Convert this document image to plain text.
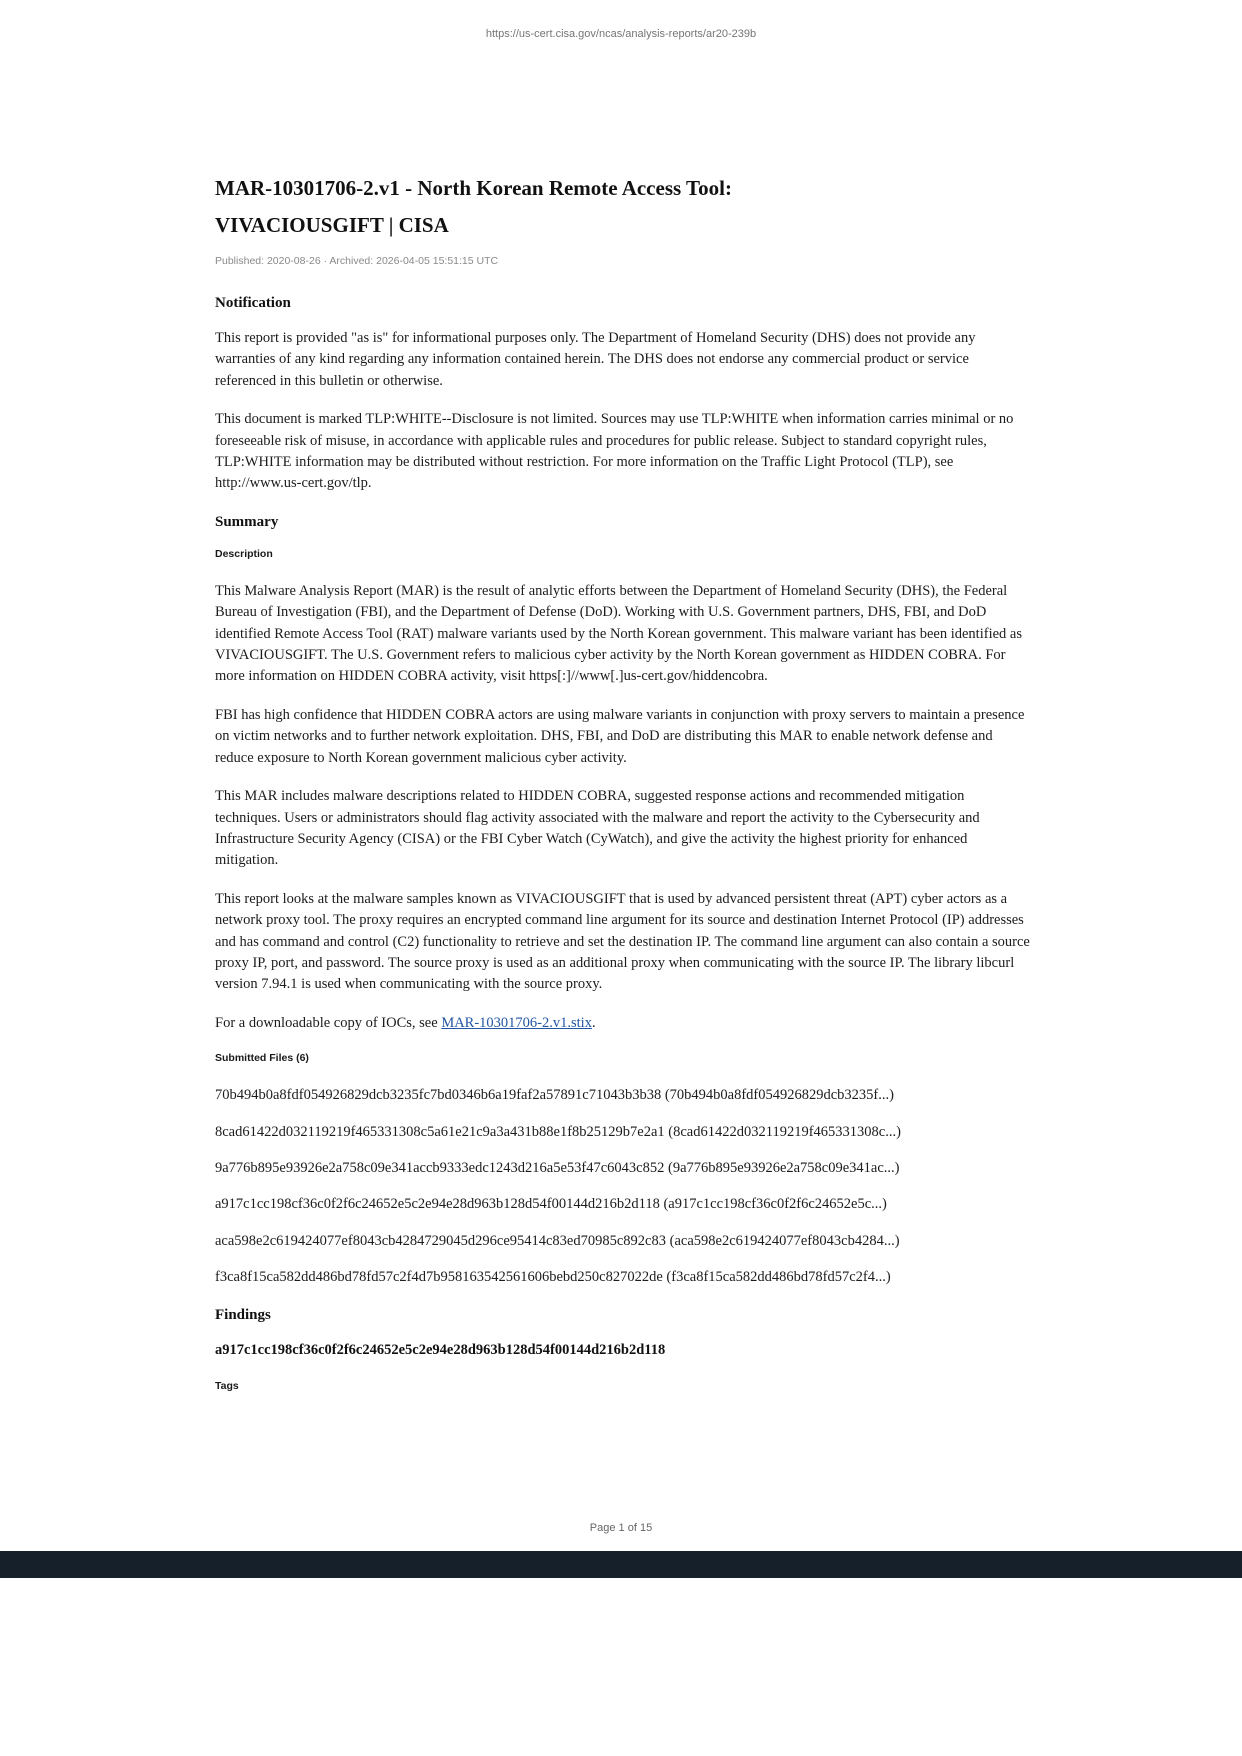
https://us-cert.cisa.gov/ncas/analysis-reports/ar20-239b
MAR-10301706-2.v1 - North Korean Remote Access Tool: VIVACIOUSGIFT | CISA
Published: 2020-08-26 · Archived: 2026-04-05 15:51:15 UTC
Notification

This report is provided "as is" for informational purposes only. The Department of Homeland Security (DHS) does not provide any warranties of any kind regarding any information contained herein. The DHS does not endorse any commercial product or service referenced in this bulletin or otherwise.

This document is marked TLP:WHITE--Disclosure is not limited. Sources may use TLP:WHITE when information carries minimal or no foreseeable risk of misuse, in accordance with applicable rules and procedures for public release. Subject to standard copyright rules, TLP:WHITE information may be distributed without restriction. For more information on the Traffic Light Protocol (TLP), see http://www.us-cert.gov/tlp.

Summary
Description

This Malware Analysis Report (MAR) is the result of analytic efforts between the Department of Homeland Security (DHS), the Federal Bureau of Investigation (FBI), and the Department of Defense (DoD). Working with U.S. Government partners, DHS, FBI, and DoD identified Remote Access Tool (RAT) malware variants used by the North Korean government. This malware variant has been identified as VIVACIOUSGIFT. The U.S. Government refers to malicious cyber activity by the North Korean government as HIDDEN COBRA. For more information on HIDDEN COBRA activity, visit https[:]//www[.]us-cert.gov/hiddencobra.

FBI has high confidence that HIDDEN COBRA actors are using malware variants in conjunction with proxy servers to maintain a presence on victim networks and to further network exploitation. DHS, FBI, and DoD are distributing this MAR to enable network defense and reduce exposure to North Korean government malicious cyber activity.

This MAR includes malware descriptions related to HIDDEN COBRA, suggested response actions and recommended mitigation techniques. Users or administrators should flag activity associated with the malware and report the activity to the Cybersecurity and Infrastructure Security Agency (CISA) or the FBI Cyber Watch (CyWatch), and give the activity the highest priority for enhanced mitigation.

This report looks at the malware samples known as VIVACIOUSGIFT that is used by advanced persistent threat (APT) cyber actors as a network proxy tool. The proxy requires an encrypted command line argument for its source and destination Internet Protocol (IP) addresses and has command and control (C2) functionality to retrieve and set the destination IP. The command line argument can also contain a source proxy IP, port, and password. The source proxy is used as an additional proxy when communicating with the source IP. The library libcurl version 7.94.1 is used when communicating with the source proxy.

For a downloadable copy of IOCs, see MAR-10301706-2.v1.stix.

Submitted Files (6)

70b494b0a8fdf054926829dcb3235fc7bd0346b6a19faf2a57891c71043b3b38 (70b494b0a8fdf054926829dcb3235f...)

8cad61422d032119219f465331308c5a61e21c9a3a431b88e1f8b25129b7e2a1 (8cad61422d032119219f465331308c...)

9a776b895e93926e2a758c09e341accb9333edc1243d216a5e53f47c6043c852 (9a776b895e93926e2a758c09e341ac...)

a917c1cc198cf36c0f2f6c24652e5c2e94e28d963b128d54f00144d216b2d118 (a917c1cc198cf36c0f2f6c24652e5c...)

aca598e2c619424077ef8043cb4284729045d296ce95414c83ed70985c892c83 (aca598e2c619424077ef8043cb4284...)

f3ca8f15ca582dd486bd78fd57c2f4d7b958163542561606bebd250c827022de (f3ca8f15ca582dd486bd78fd57c2f4...)

Findings

a917c1cc198cf36c0f2f6c24652e5c2e94e28d963b128d54f00144d216b2d118

Tags
Page 1 of 15
